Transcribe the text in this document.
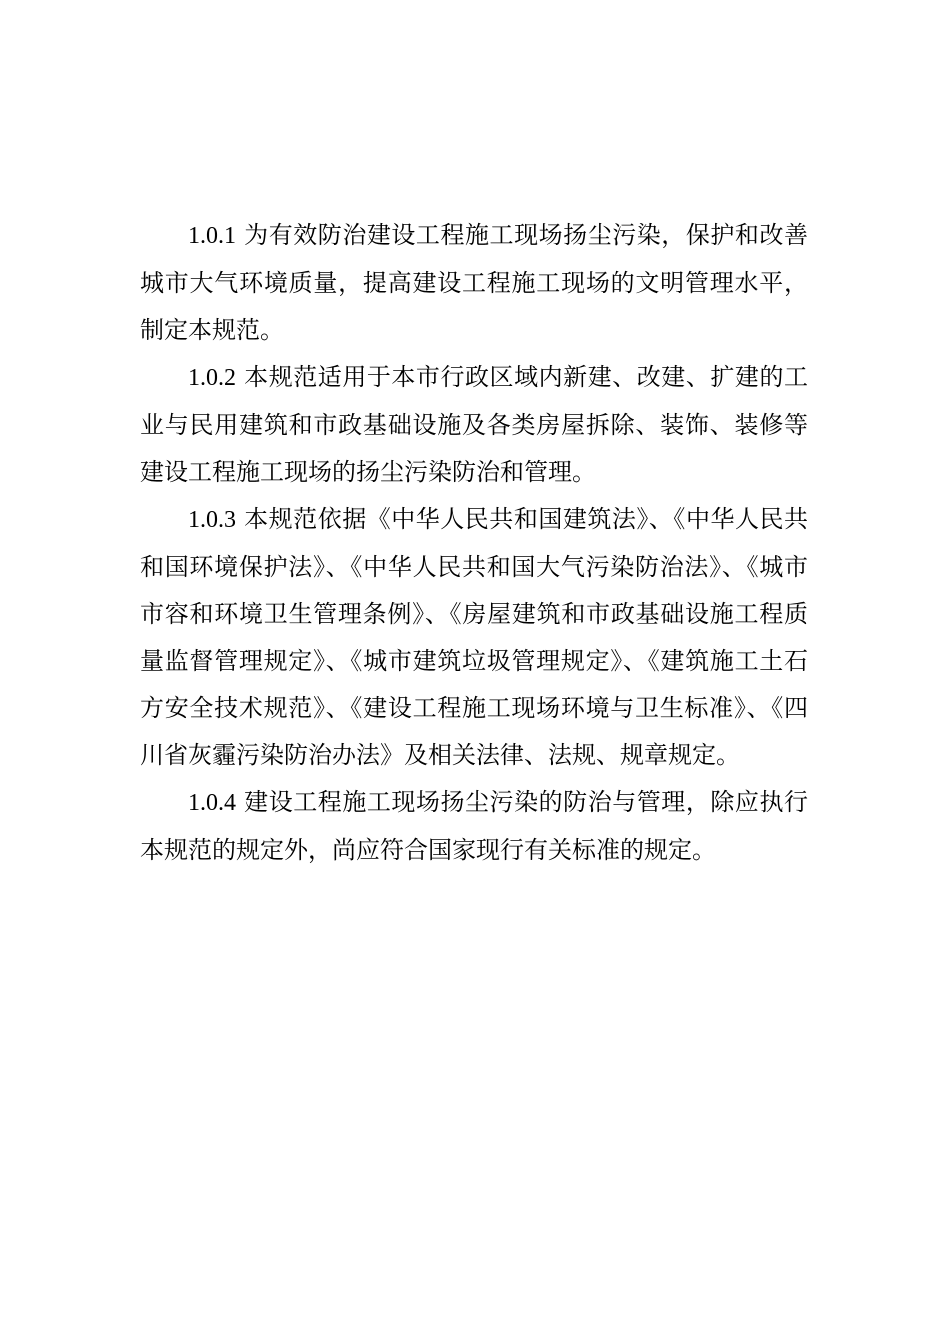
1.0.1 为有效防治建设工程施工现场扬尘污染，保护和改善城市大气环境质量，提高建设工程施工现场的文明管理水平，制定本规范。

1.0.2 本规范适用于本市行政区域内新建、改建、扩建的工业与民用建筑和市政基础设施及各类房屋拆除、装饰、装修等建设工程施工现场的扬尘污染防治和管理。

1.0.3 本规范依据《中华人民共和国建筑法》、《中华人民共和国环境保护法》、《中华人民共和国大气污染防治法》、《城市市容和环境卫生管理条例》、《房屋建筑和市政基础设施工程质量监督管理规定》、《城市建筑垃圾管理规定》、《建筑施工土石方安全技术规范》、《建设工程施工现场环境与卫生标准》、《四川省灰霾污染防治办法》及相关法律、法规、规章规定。

1.0.4 建设工程施工现场扬尘污染的防治与管理，除应执行本规范的规定外，尚应符合国家现行有关标准的规定。
